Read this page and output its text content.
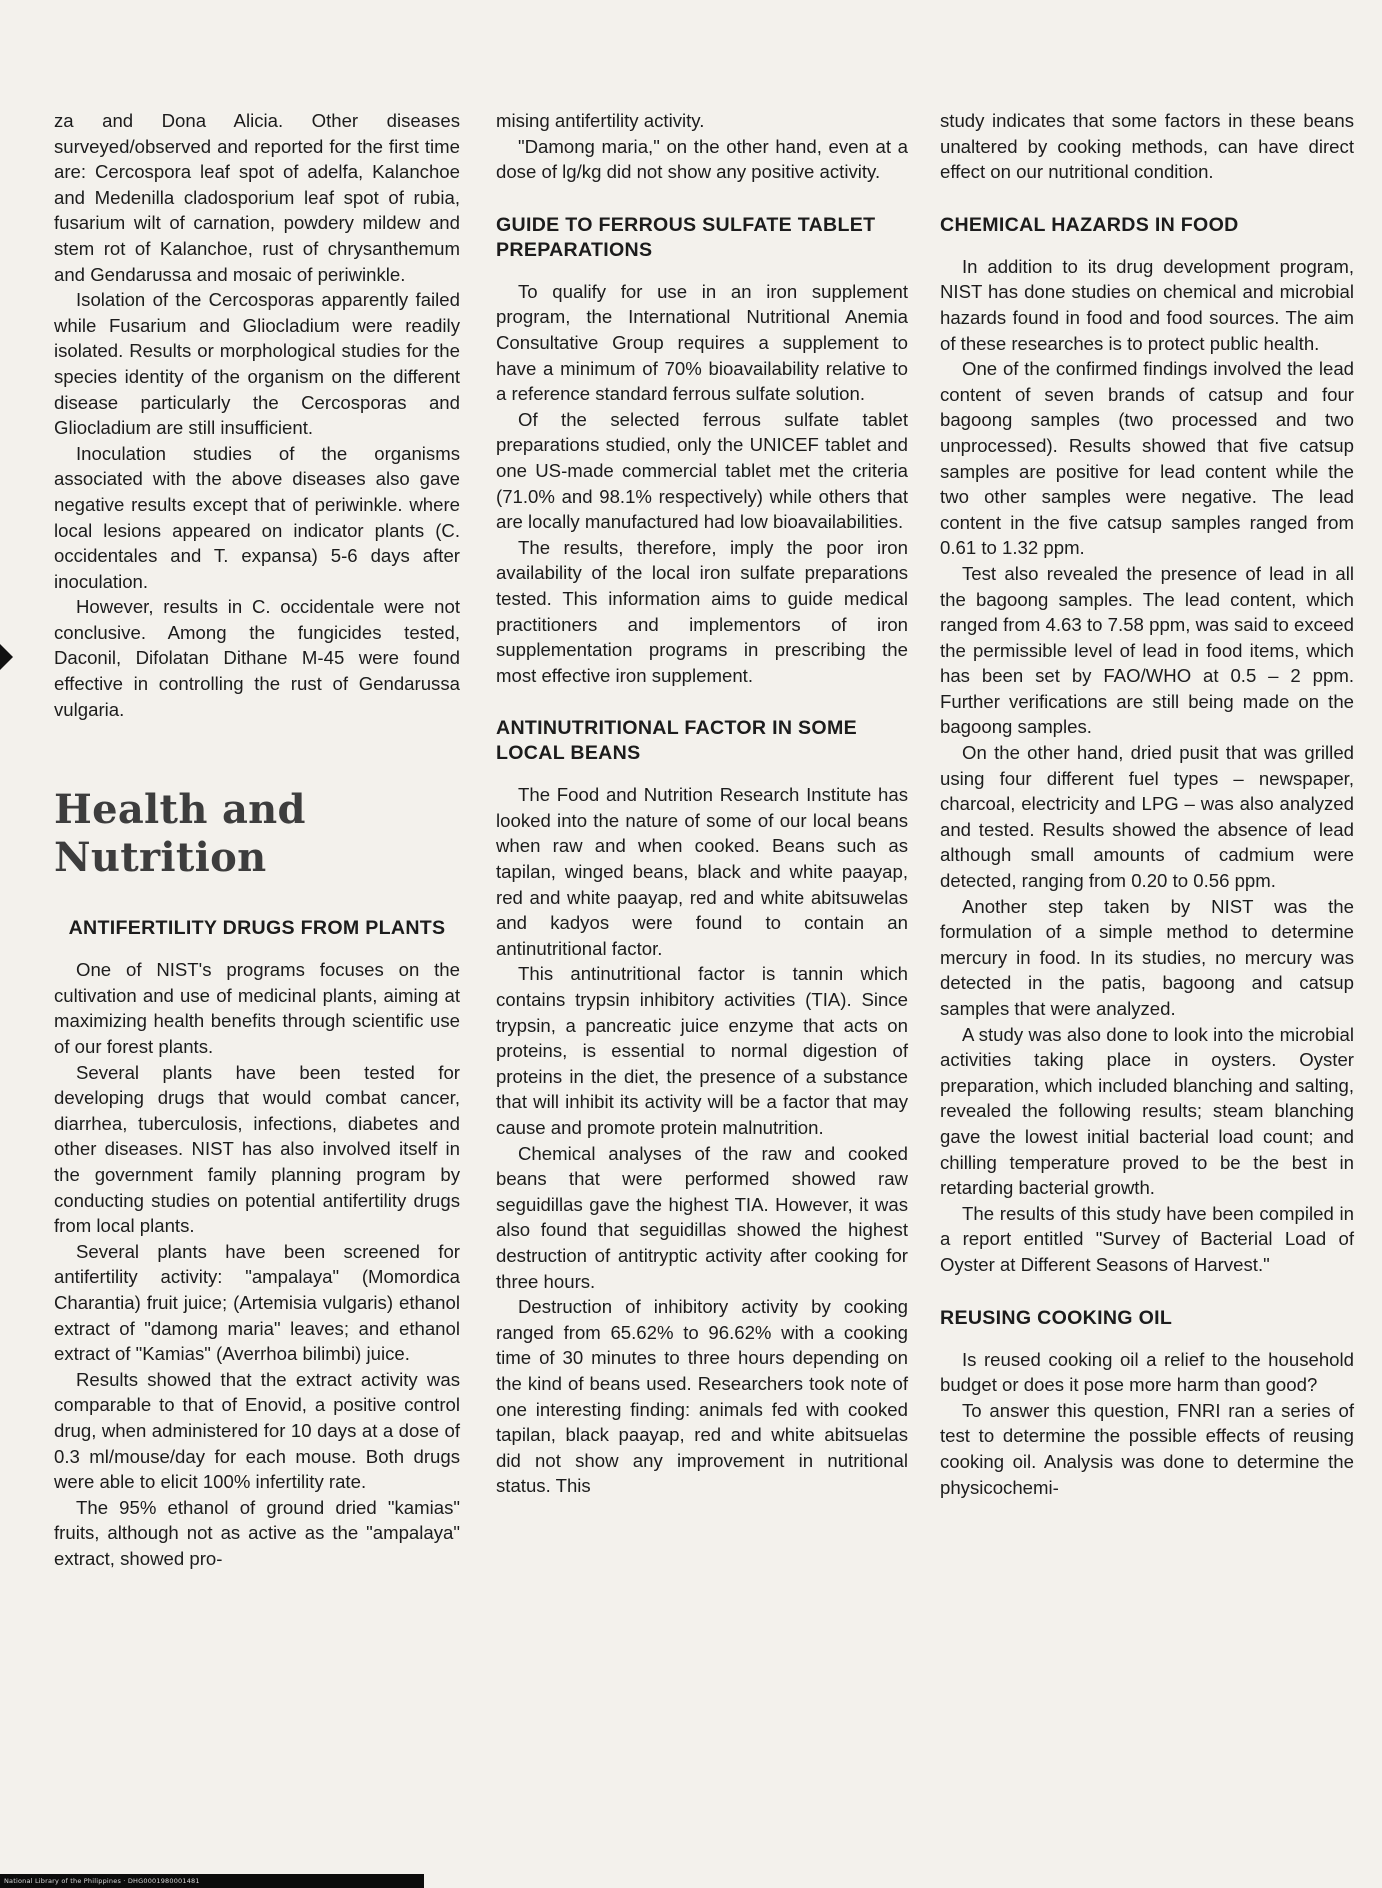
za and Dona Alicia. Other diseases surveyed/observed and reported for the first time are: Cercospora leaf spot of adelfa, Kalanchoe and Medenilla cladosporium leaf spot of rubia, fusarium wilt of carnation, powdery mildew and stem rot of Kalanchoe, rust of chrysanthemum and Gendarussa and mosaic of periwinkle.

Isolation of the Cercosporas apparently failed while Fusarium and Gliocladium were readily isolated. Results or morphological studies for the species identity of the organism on the different disease particularly the Cercosporas and Gliocladium are still insufficient.

Inoculation studies of the organisms associated with the above diseases also gave negative results except that of periwinkle. where local lesions appeared on indicator plants (C. occidentales and T. expansa) 5-6 days after inoculation.

However, results in C. occidentale were not conclusive. Among the fungicides tested, Daconil, Difolatan Dithane M-45 were found effective in controlling the rust of Gendarussa vulgaria.

Health and Nutrition
ANTIFERTILITY DRUGS FROM PLANTS

One of NIST's programs focuses on the cultivation and use of medicinal plants, aiming at maximizing health benefits through scientific use of our forest plants.

Several plants have been tested for developing drugs that would combat cancer, diarrhea, tuberculosis, infections, diabetes and other diseases. NIST has also involved itself in the government family planning program by conducting studies on potential antifertility drugs from local plants.

Several plants have been screened for antifertility activity: "ampalaya" (Momordica Charantia) fruit juice; (Artemisia vulgaris) ethanol extract of "damong maria" leaves; and ethanol extract of "Kamias" (Averrhoa bilimbi) juice.

Results showed that the extract activity was comparable to that of Enovid, a positive control drug, when administered for 10 days at a dose of 0.3 ml/mouse/day for each mouse. Both drugs were able to elicit 100% infertility rate.

The 95% ethanol of ground dried "kamias" fruits, although not as active as the "ampalaya" extract, showed pro-

mising antifertility activity.

"Damong maria," on the other hand, even at a dose of lg/kg did not show any positive activity.

GUIDE TO FERROUS SULFATE TABLET PREPARATIONS

To qualify for use in an iron supplement program, the International Nutritional Anemia Consultative Group requires a supplement to have a minimum of 70% bioavailability relative to a reference standard ferrous sulfate solution.

Of the selected ferrous sulfate tablet preparations studied, only the UNICEF tablet and one US-made commercial tablet met the criteria (71.0% and 98.1% respectively) while others that are locally manufactured had low bioavailabilities.

The results, therefore, imply the poor iron availability of the local iron sulfate preparations tested. This information aims to guide medical practitioners and implementors of iron supplementation programs in prescribing the most effective iron supplement.

ANTINUTRITIONAL FACTOR IN SOME LOCAL BEANS

The Food and Nutrition Research Institute has looked into the nature of some of our local beans when raw and when cooked. Beans such as tapilan, winged beans, black and white paayap, red and white paayap, red and white abitsuwelas and kadyos were found to contain an antinutritional factor.

This antinutritional factor is tannin which contains trypsin inhibitory activities (TIA). Since trypsin, a pancreatic juice enzyme that acts on proteins, is essential to normal digestion of proteins in the diet, the presence of a substance that will inhibit its activity will be a factor that may cause and promote protein malnutrition.

Chemical analyses of the raw and cooked beans that were performed showed raw seguidillas gave the highest TIA. However, it was also found that seguidillas showed the highest destruction of antitryptic activity after cooking for three hours.

Destruction of inhibitory activity by cooking ranged from 65.62% to 96.62% with a cooking time of 30 minutes to three hours depending on the kind of beans used. Researchers took note of one interesting finding: animals fed with cooked tapilan, black paayap, red and white abitsuelas did not show any improvement in nutritional status. This

study indicates that some factors in these beans unaltered by cooking methods, can have direct effect on our nutritional condition.

CHEMICAL HAZARDS IN FOOD

In addition to its drug development program, NIST has done studies on chemical and microbial hazards found in food and food sources. The aim of these researches is to protect public health.

One of the confirmed findings involved the lead content of seven brands of catsup and four bagoong samples (two processed and two unprocessed). Results showed that five catsup samples are positive for lead content while the two other samples were negative. The lead content in the five catsup samples ranged from 0.61 to 1.32 ppm.

Test also revealed the presence of lead in all the bagoong samples. The lead content, which ranged from 4.63 to 7.58 ppm, was said to exceed the permissible level of lead in food items, which has been set by FAO/WHO at 0.5 – 2 ppm. Further verifications are still being made on the bagoong samples.

On the other hand, dried pusit that was grilled using four different fuel types – newspaper, charcoal, electricity and LPG – was also analyzed and tested. Results showed the absence of lead although small amounts of cadmium were detected, ranging from 0.20 to 0.56 ppm.

Another step taken by NIST was the formulation of a simple method to determine mercury in food. In its studies, no mercury was detected in the patis, bagoong and catsup samples that were analyzed.

A study was also done to look into the microbial activities taking place in oysters. Oyster preparation, which included blanching and salting, revealed the following results; steam blanching gave the lowest initial bacterial load count; and chilling temperature proved to be the best in retarding bacterial growth.

The results of this study have been compiled in a report entitled "Survey of Bacterial Load of Oyster at Different Seasons of Harvest."

REUSING COOKING OIL

Is reused cooking oil a relief to the household budget or does it pose more harm than good?

To answer this question, FNRI ran a series of test to determine the possible effects of reusing cooking oil. Analysis was done to determine the physicochemi-

National Library of the Philippines · DHG0001980001481
